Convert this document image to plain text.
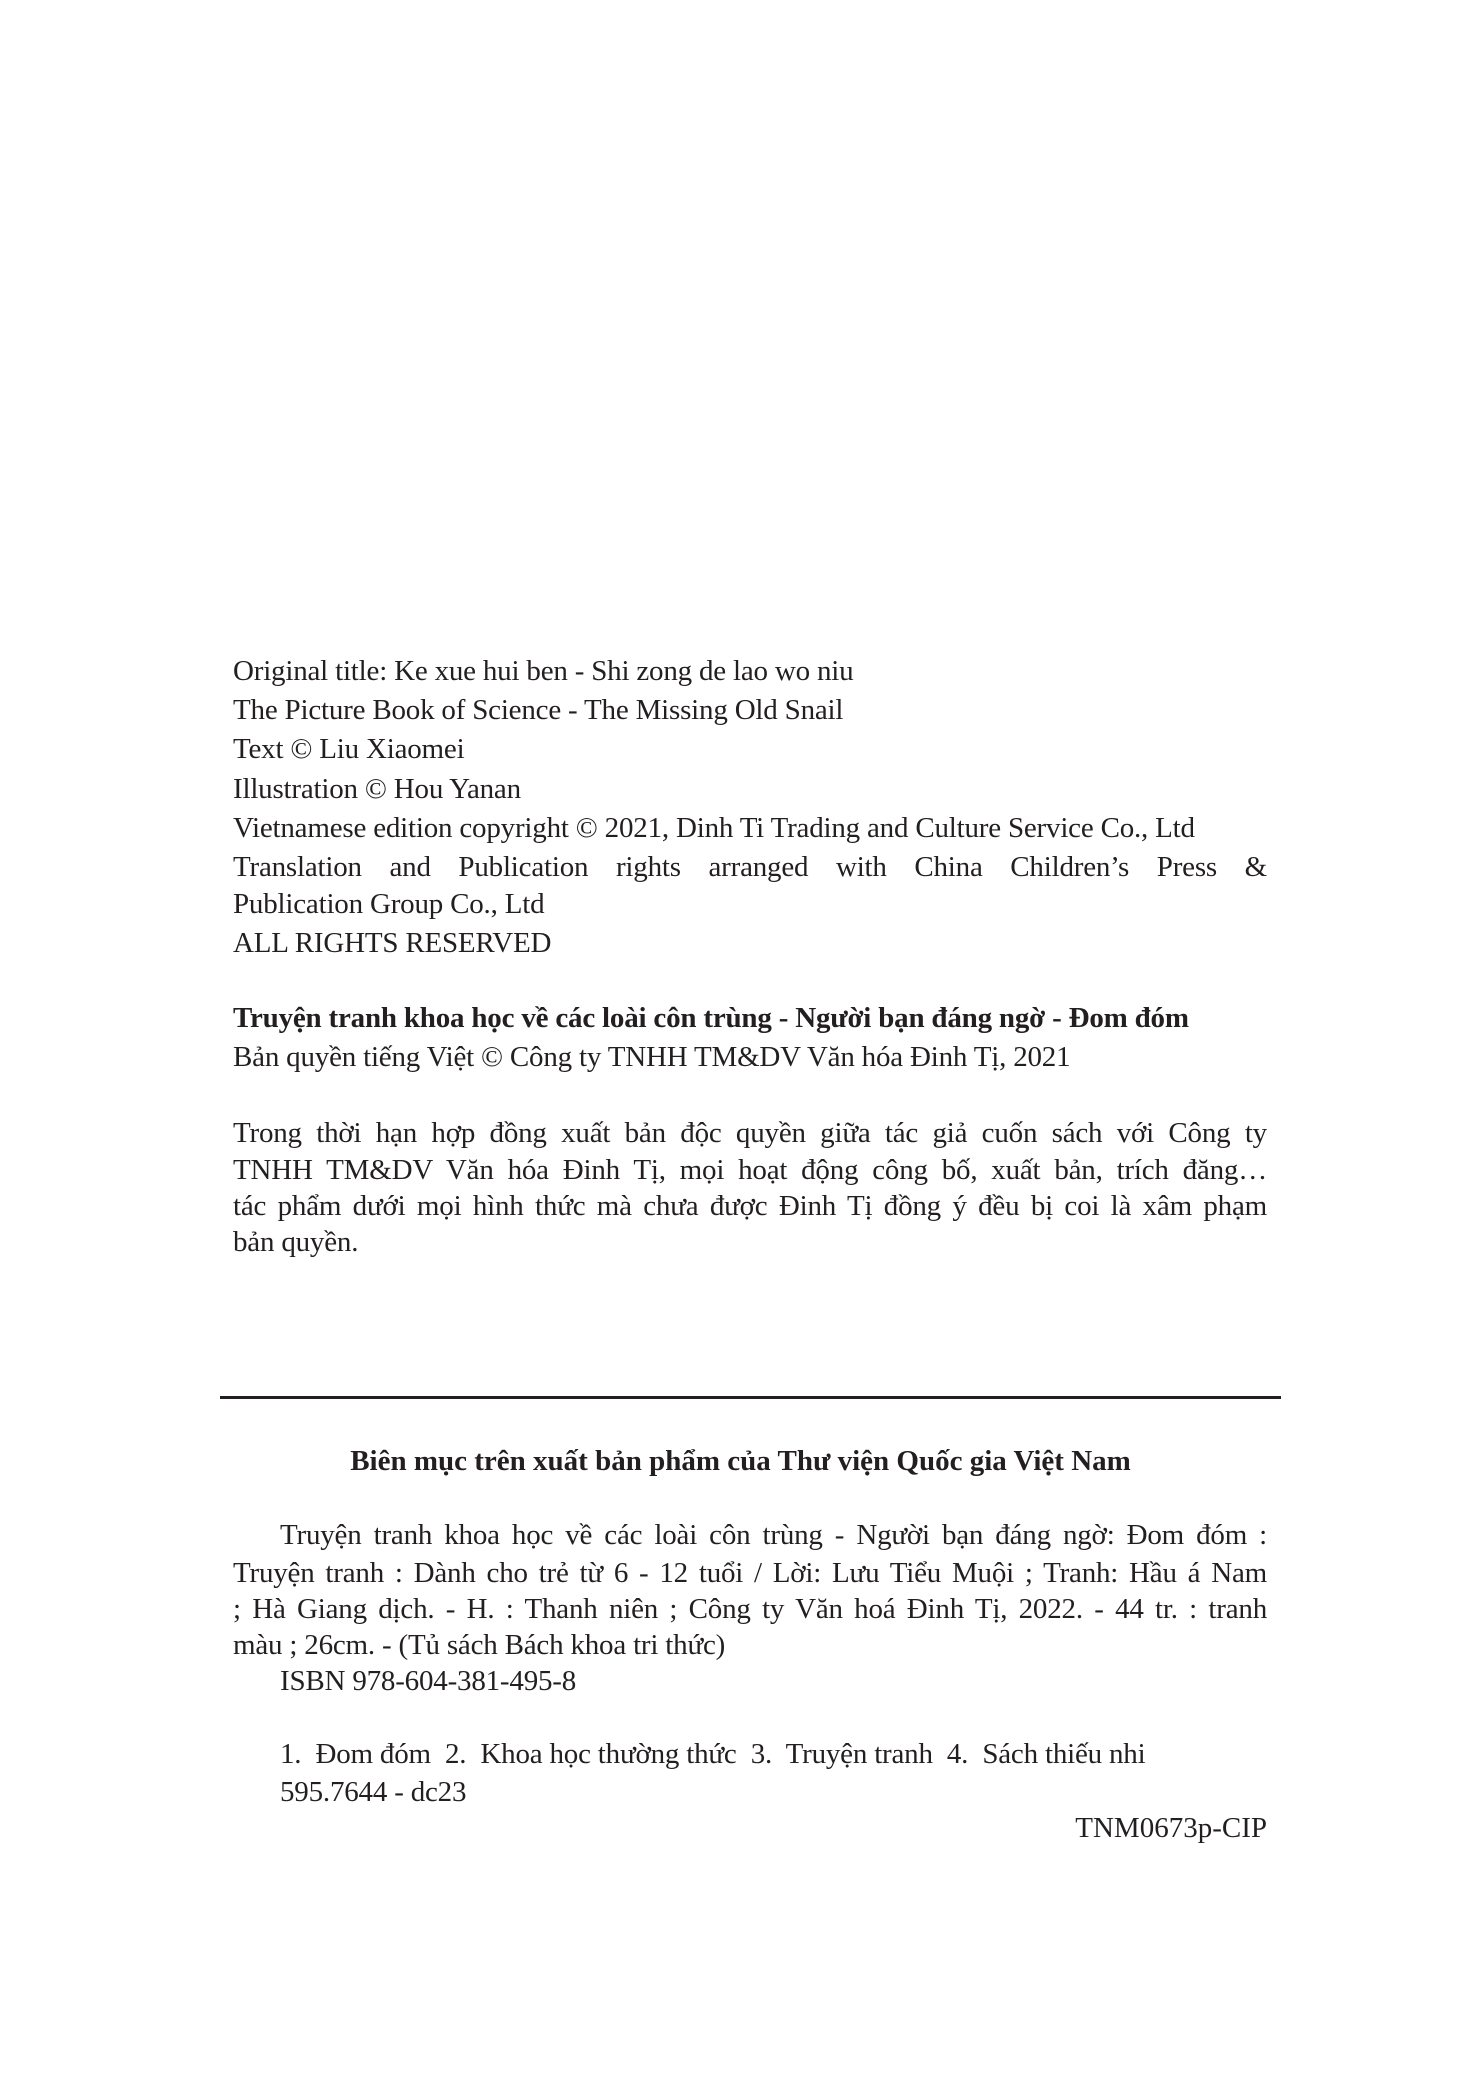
Original title: Ke xue hui ben - Shi zong de lao wo niu
The Picture Book of Science - The Missing Old Snail
Text © Liu Xiaomei
Illustration © Hou Yanan
Vietnamese edition copyright © 2021, Dinh Ti Trading and Culture Service Co., Ltd
Translation and Publication rights arranged with China Children’s Press &
Publication Group Co., Ltd
ALL RIGHTS RESERVED
Truyện tranh khoa học về các loài côn trùng - Người bạn đáng ngờ - Đom đóm
Bản quyền tiếng Việt © Công ty TNHH TM&DV Văn hóa Đinh Tị, 2021
Trong thời hạn hợp đồng xuất bản độc quyền giữa tác giả cuốn sách với Công ty
TNHH TM&DV Văn hóa Đinh Tị, mọi hoạt động công bố, xuất bản, trích đăng…
tác phẩm dưới mọi hình thức mà chưa được Đinh Tị đồng ý đều bị coi là xâm phạm
bản quyền.
Biên mục trên xuất bản phẩm của Thư viện Quốc gia Việt Nam
Truyện tranh khoa học về các loài côn trùng - Người bạn đáng ngờ: Đom đóm :
Truyện tranh : Dành cho trẻ từ 6 - 12 tuổi / Lời: Lưu Tiểu Muội ; Tranh: Hầu á Nam
; Hà Giang dịch. - H. : Thanh niên ; Công ty Văn hoá Đinh Tị, 2022. - 44 tr. : tranh
màu ; 26cm. - (Tủ sách Bách khoa tri thức)
ISBN 978-604-381-495-8
1.  Đom đóm  2.  Khoa học thường thức  3.  Truyện tranh  4.  Sách thiếu nhi
595.7644 - dc23
TNM0673p-CIP
